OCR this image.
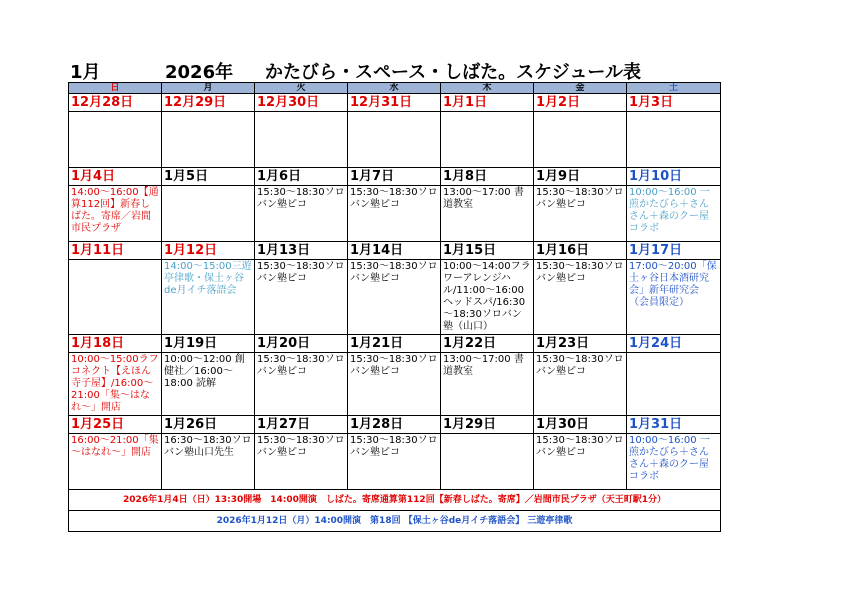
1月	2026年 かたびら・スペース・しばた。スケジュール表
日	月	火	水	木	金	土
12月28日	12月29日	12月30日	12月31日	1月1日	1月2日	1月3日

1月4日	1月5日	1月6日	1月7日	1月8日	1月9日	1月10日
14:00～16:00【通算112回】新春しばた。寄席／岩間市民プラザ		15:30～18:30ソロバン塾ピコ	15:30～18:30ソロバン塾ピコ	13:00～17:00 書道教室	15:30～18:30ソロバン塾ピコ	10:00～16:00 一煎かたびら＋さんさん＋森のクー屋コラボ
1月11日	1月12日	1月13日	1月14日	1月15日	1月16日	1月17日
	14:00～15:00三遊亭律歌・保土ヶ谷de月イチ落語会	15:30～18:30ソロバン塾ピコ	15:30～18:30ソロバン塾ピコ	10:00～14:00フラワーアレンジハル/11:00～16:00ヘッドスパ/16:30～18:30ソロバン塾（山口）	15:30～18:30ソロバン塾ピコ	17:00～20:00「保土ヶ谷日本酒研究会」新年研究会（会員限定）
1月18日	1月19日	1月20日	1月21日	1月22日	1月23日	1月24日
10:00～15:00ラフコネクト【えほん寺子屋】/16:00～21:00「集～はなれ～」開店	10:00～12:00 創健社／16:00～18:00 読解	15:30～18:30ソロバン塾ピコ	15:30～18:30ソロバン塾ピコ	13:00～17:00 書道教室	15:30～18:30ソロバン塾ピコ	
1月25日	1月26日	1月27日	1月28日	1月29日	1月30日	1月31日
16:00～21:00「集～はなれ～」開店	16:30～18:30ソロバン塾山口先生	15:30～18:30ソロバン塾ピコ	15:30～18:30ソロバン塾ピコ		15:30～18:30ソロバン塾ピコ	10:00～16:00 一煎かたびら＋さんさん＋森のクー屋コラボ
2026年1月4日（日）13:30開場　14:00開演　しばた。寄席通算第112回【新春しばた。寄席】／岩間市民プラザ（天王町駅1分）						
2026年1月12日（月）14:00開演　第18回 【保土ヶ谷de月イチ落語会】 三遊亭律歌						
